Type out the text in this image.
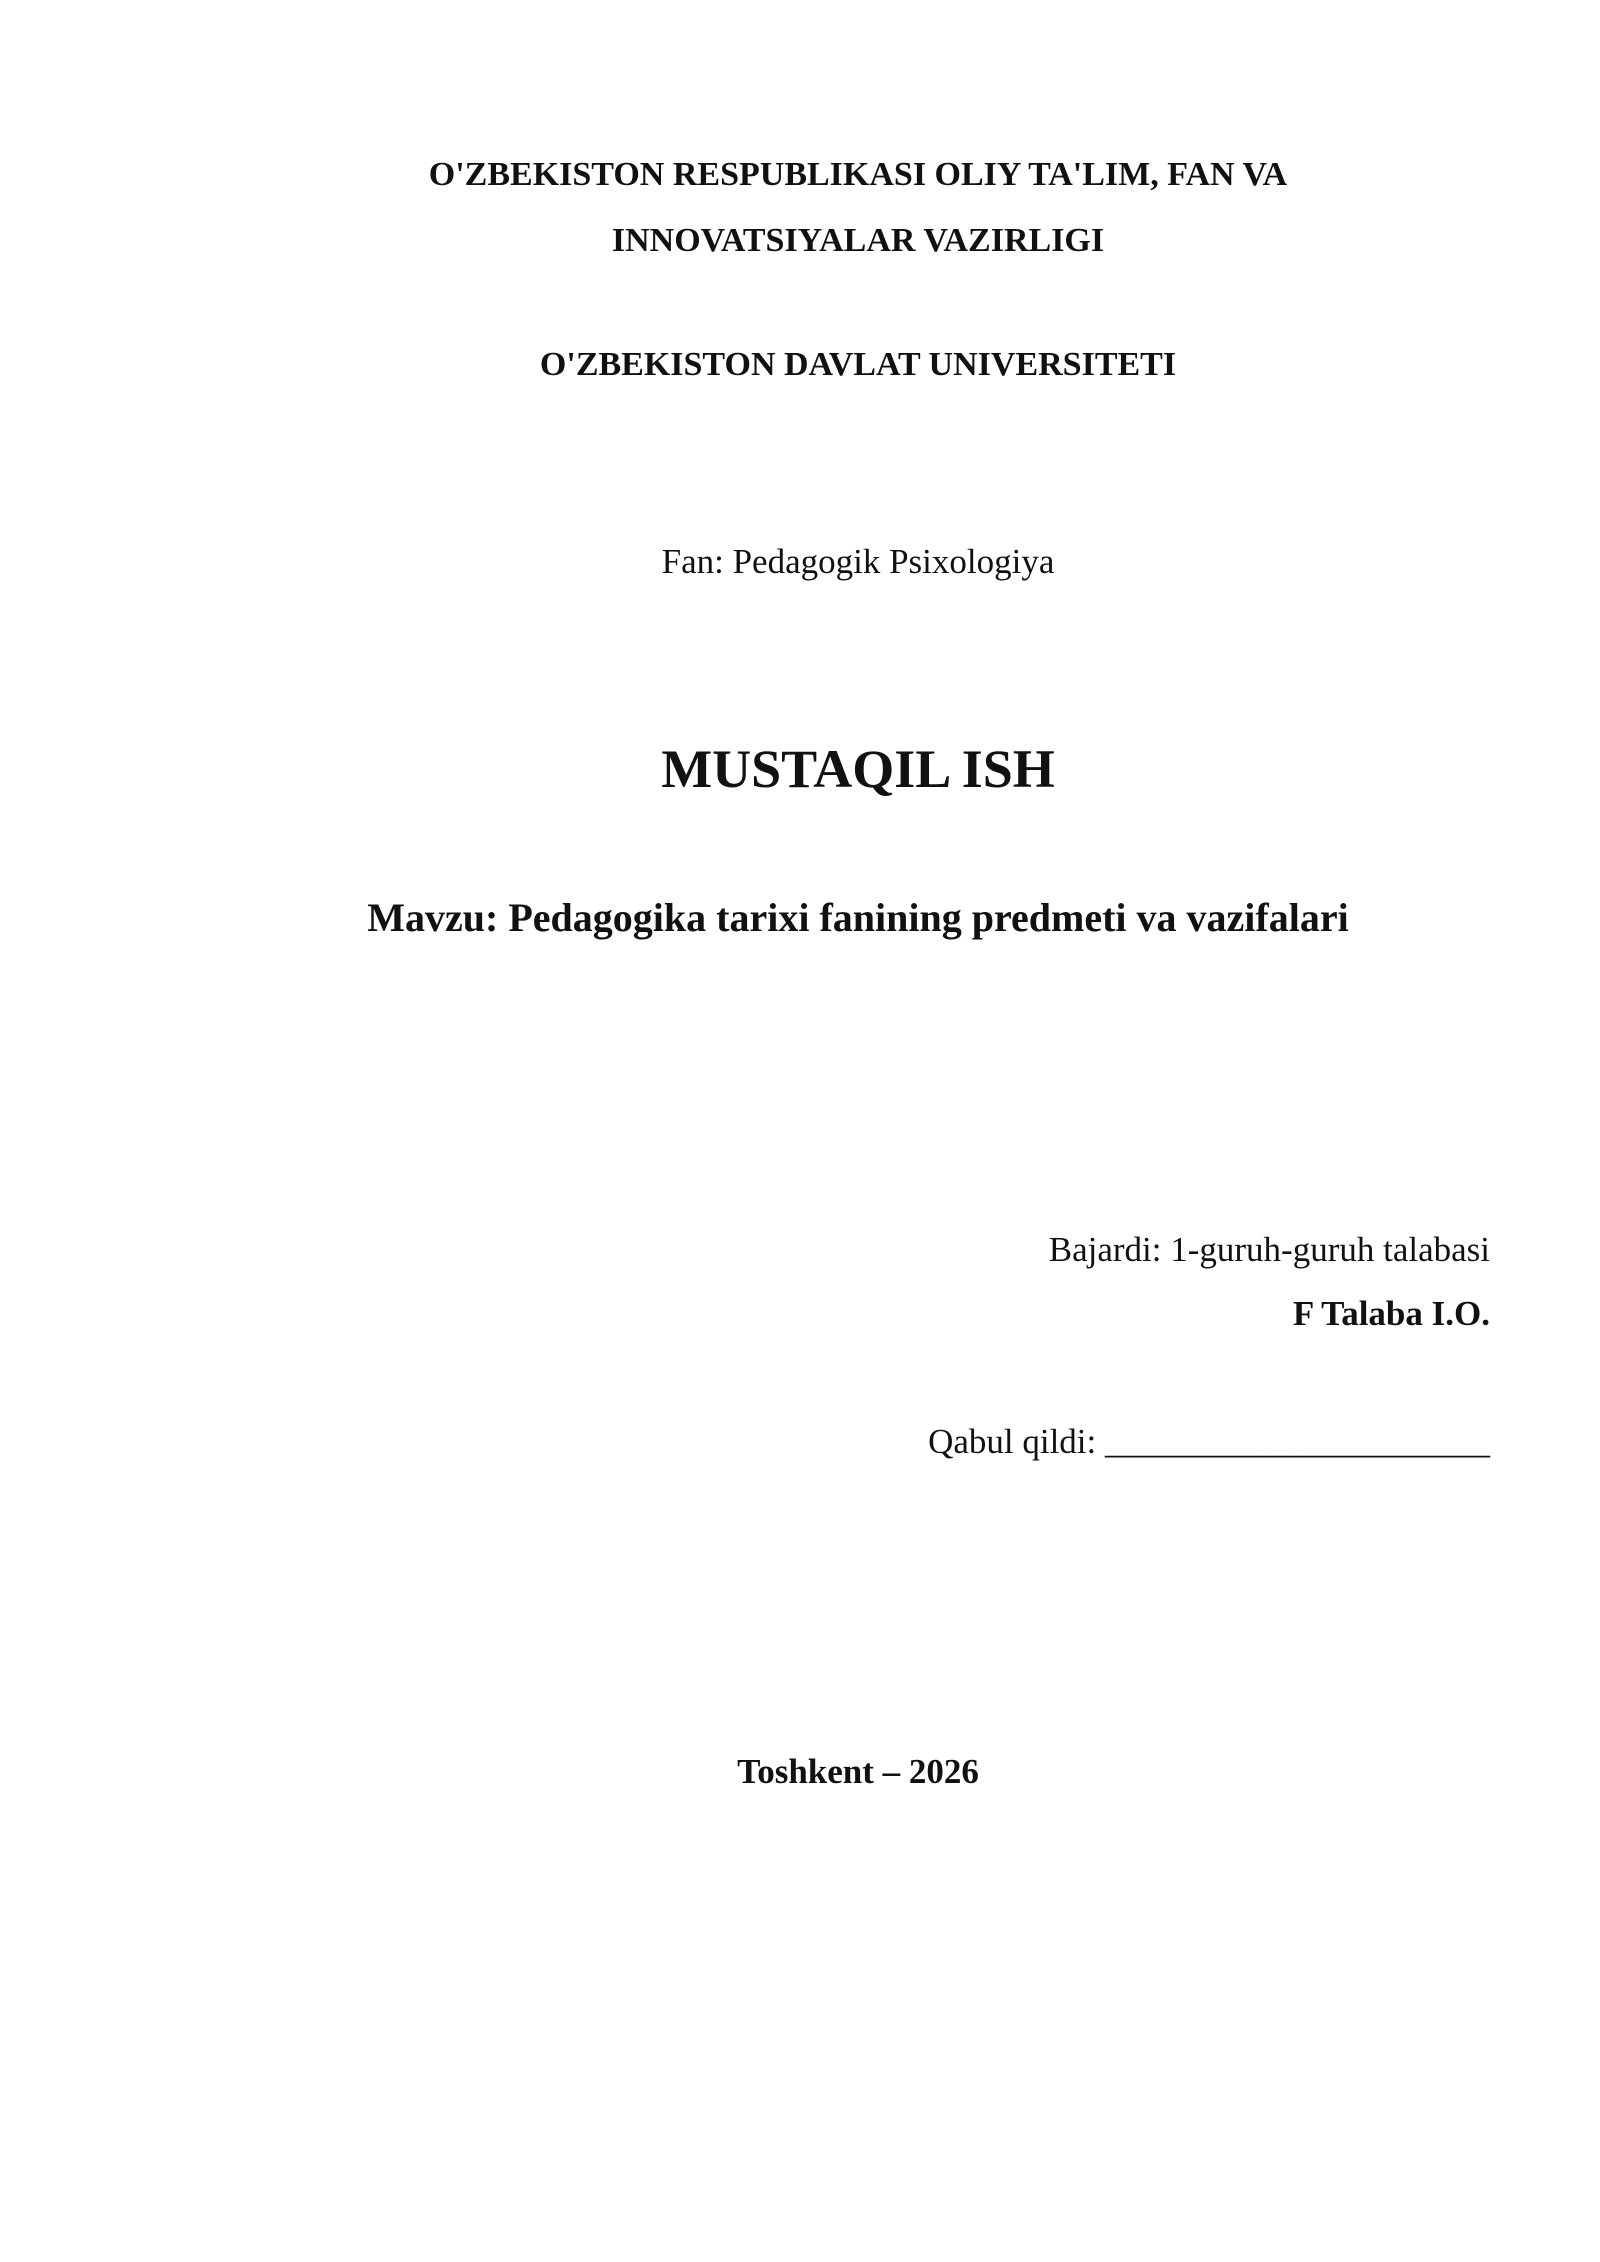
O'ZBEKISTON RESPUBLIKASI OLIY TA'LIM, FAN VA
INNOVATSIYALAR VAZIRLIGI
O'ZBEKISTON DAVLAT UNIVERSITETI
Fan: Pedagogik Psixologiya
MUSTAQIL ISH
Mavzu: Pedagogika tarixi fanining predmeti va vazifalari
Bajardi: 1-guruh-guruh talabasi
F Talaba I.O.
Qabul qildi: ______________________
Toshkent – 2026
